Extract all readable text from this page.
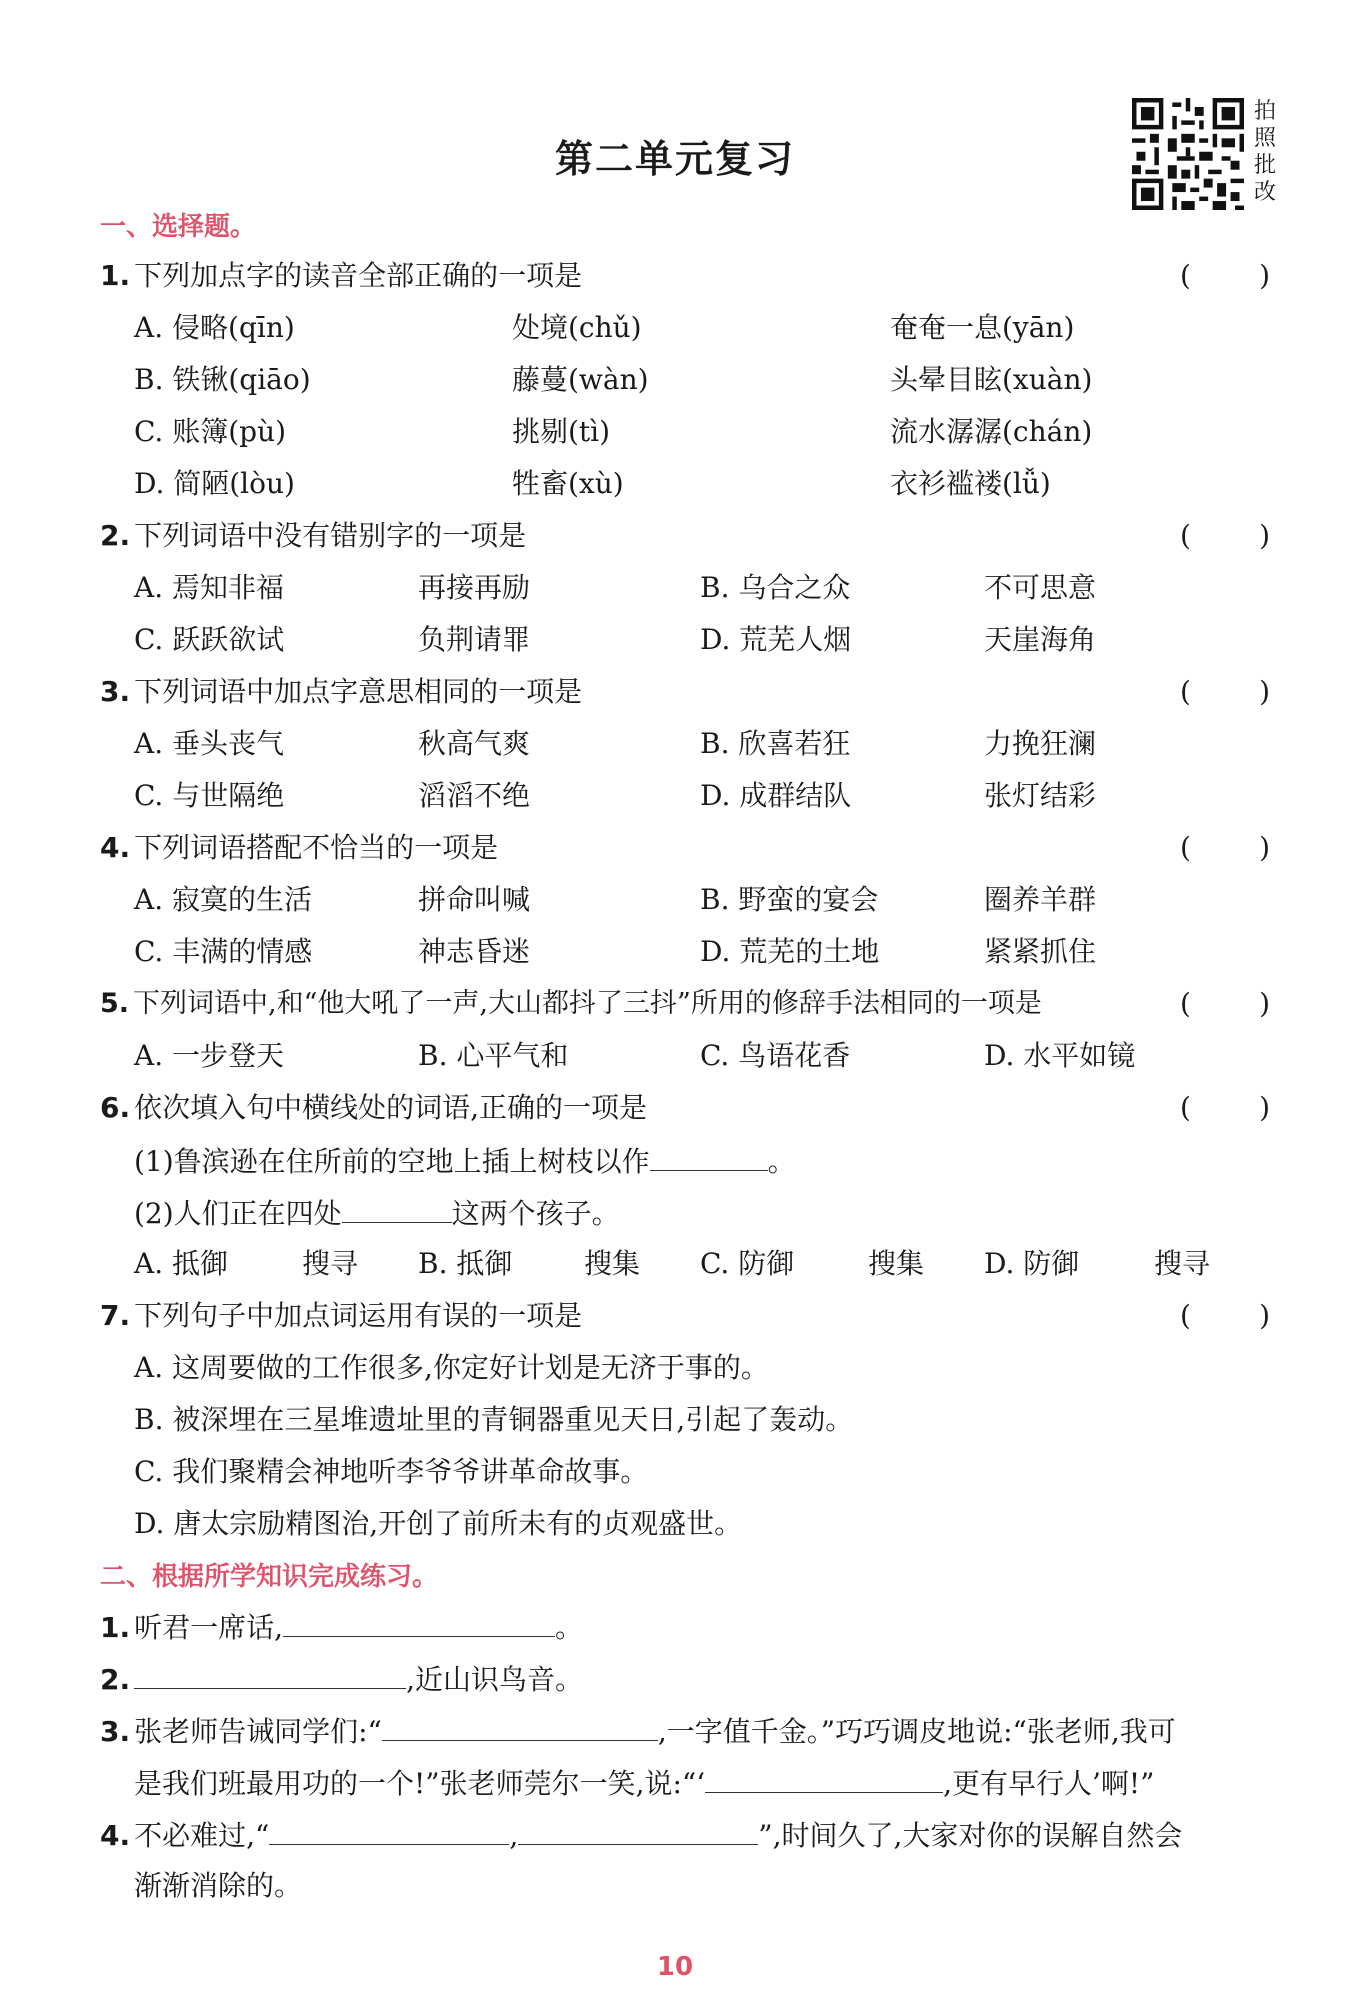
第二单元复习
拍
照
批
改
一、选择题。
1. 下列加点字的读音全部正确的一项是	( )
A. 侵略(qīn)	处境(chǔ)	奄奄一息(yān)
B. 铁锹(qiāo)	藤蔓(wàn)	头晕目眩(xuàn)
C. 账簿(pù)	挑剔(tì)	流水潺潺(chán)
D. 简陋(lòu)	牲畜(xù)	衣衫褴褛(lǚ)
2. 下列词语中没有错别字的一项是	( )
A. 焉知非福	再接再励	B. 乌合之众	不可思意
C. 跃跃欲试	负荆请罪	D. 荒芜人烟	天崖海角
3. 下列词语中加点字意思相同的一项是	( )
A. 垂头丧气	秋高气爽	B. 欣喜若狂	力挽狂澜
C. 与世隔绝	滔滔不绝	D. 成群结队	张灯结彩
4. 下列词语搭配不恰当的一项是	( )
A. 寂寞的生活	拼命叫喊	B. 野蛮的宴会	圈养羊群
C. 丰满的情感	神志昏迷	D. 荒芜的土地	紧紧抓住
5. 下列词语中,和“他大吼了一声,大山都抖了三抖”所用的修辞手法相同的一项是	( )
A. 一步登天	B. 心平气和	C. 鸟语花香	D. 水平如镜
6. 依次填入句中横线处的词语,正确的一项是	( )
(1)鲁滨逊在住所前的空地上插上树枝以作	。
(2)人们正在四处	这两个孩子。
A. 抵御	搜寻 B. 抵御	搜集 C. 防御	搜集 D. 防御	搜寻
7. 下列句子中加点词运用有误的一项是	( )
A. 这周要做的工作很多,你定好计划是无济于事的。
B. 被深埋在三星堆遗址里的青铜器重见天日,引起了轰动。
C. 我们聚精会神地听李爷爷讲革命故事。
D. 唐太宗励精图治,开创了前所未有的贞观盛世。
二、根据所学知识完成练习。
1. 听君一席话,	。
2.	,近山识鸟音。
3. 张老师告诫同学们:“	,一字值千金。”巧巧调皮地说:“张老师,我可
是我们班最用功的一个!”张老师莞尔一笑,说:“‘	,更有早行人’啊!”
4. 不必难过,“	,	”,时间久了,大家对你的误解自然会
渐渐消除的。
10
